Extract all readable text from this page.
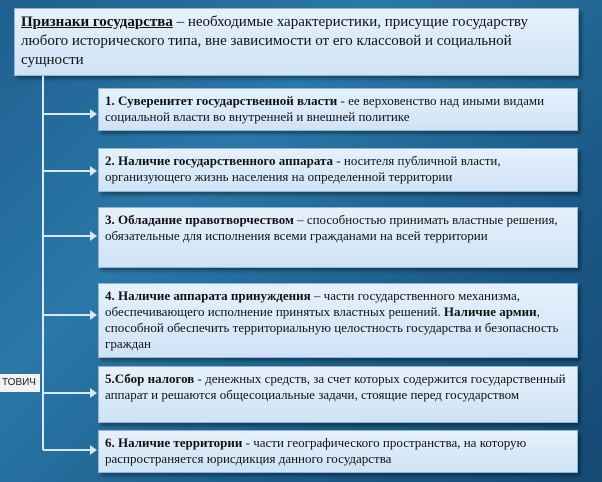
Признаки государства – необходимые характеристики, присущие государству любого исторического типа, вне зависимости от его классовой и социальной сущности
1. Суверенитет государственной власти - ее верховенство над иными видами социальной власти во внутренней и внешней политике
2. Наличие государственного аппарата - носителя публичной власти, организующего жизнь населения на определенной территории
3. Обладание правотворчеством – способностью принимать властные решения, обязательные для исполнения всеми гражданами на всей территории
4. Наличие аппарата принуждения – части государственного механизма, обеспечивающего исполнение принятых властных решений. Наличие армии, способной обеспечить территориальную целостность государства и безопасность граждан
5.Сбор налогов - денежных средств, за счет которых содержится государственный аппарат и решаются общесоциальные задачи, стоящие перед государством
6. Наличие территории - части географического пространства, на которую распространяется юрисдикция данного государства
ТОВИЧ
